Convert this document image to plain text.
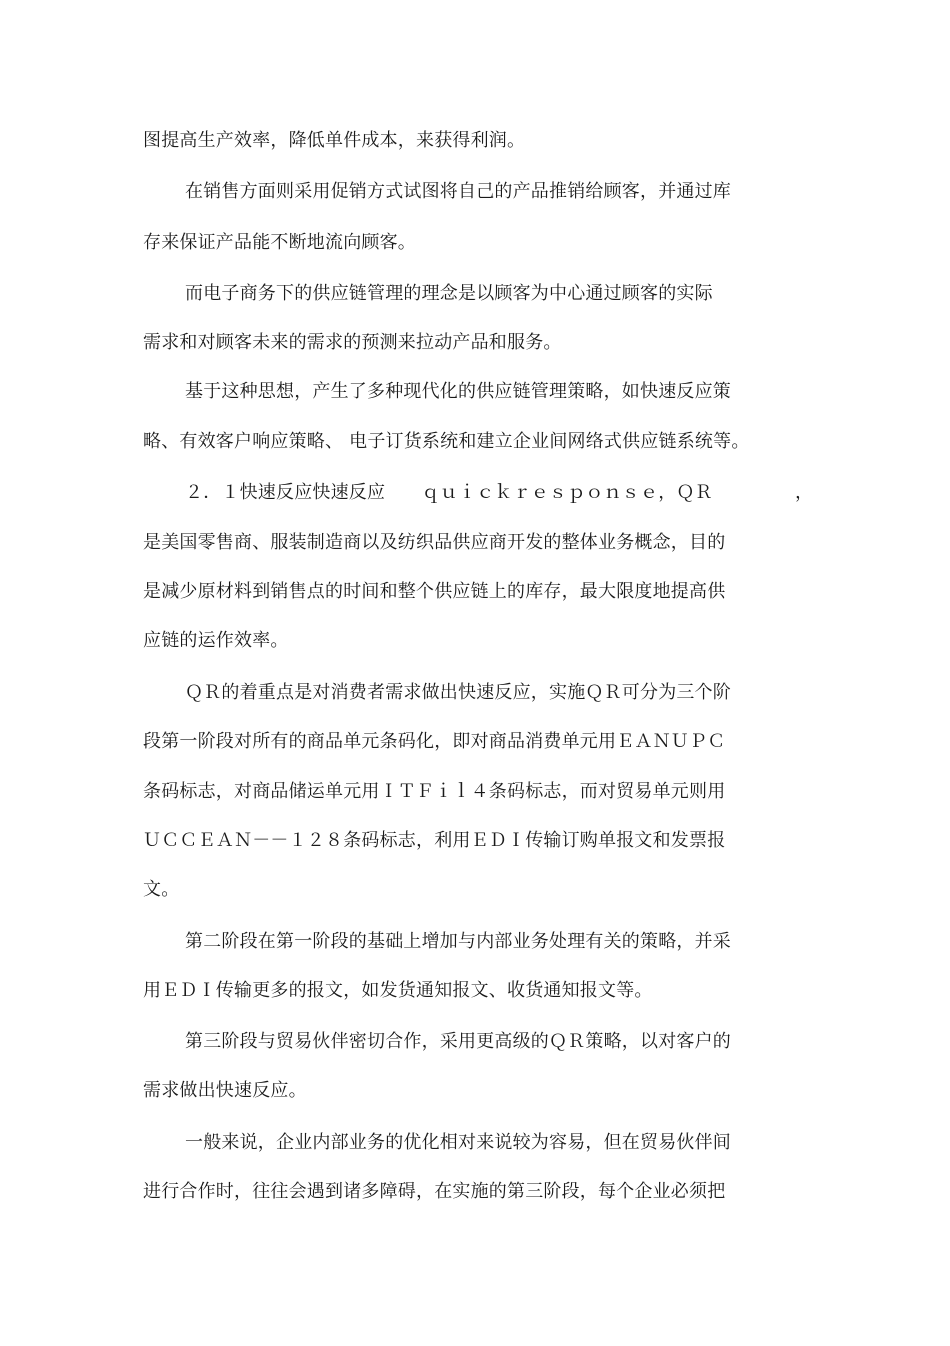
图提高生产效率，降低单件成本，来获得利润。
在销售方面则采用促销方式试图将自己的产品推销给顾客，并通过库
存来保证产品能不断地流向顾客。
而电子商务下的供应链管理的理念是以顾客为中心通过顾客的实际
需求和对顾客未来的需求的预测来拉动产品和服务。
基于这种思想，产生了多种现代化的供应链管理策略，如快速反应策
略、有效客户响应策略、 电子订货系统和建立企业间网络式供应链系统等。
２．１快速反应快速反应　　ｑｕｉｃｋｒｅｓｐｏｎｓｅ，ＱＲ	，
是美国零售商、服装制造商以及纺织品供应商开发的整体业务概念，目的
是减少原材料到销售点的时间和整个供应链上的库存，最大限度地提高供
应链的运作效率。
ＱＲ的着重点是对消费者需求做出快速反应，实施ＱＲ可分为三个阶
段第一阶段对所有的商品单元条码化，即对商品消费单元用ＥＡＮＵＰＣ
条码标志，对商品储运单元用ＩＴＦｉｌ４条码标志，而对贸易单元则用
ＵＣＣＥＡＮ－－１２８条码标志，利用ＥＤＩ传输订购单报文和发票报
文。
第二阶段在第一阶段的基础上增加与内部业务处理有关的策略，并采
用ＥＤＩ传输更多的报文，如发货通知报文、收货通知报文等。
第三阶段与贸易伙伴密切合作，采用更高级的ＱＲ策略，以对客户的
需求做出快速反应。
一般来说，企业内部业务的优化相对来说较为容易，但在贸易伙伴间
进行合作时，往往会遇到诸多障碍，在实施的第三阶段，每个企业必须把
